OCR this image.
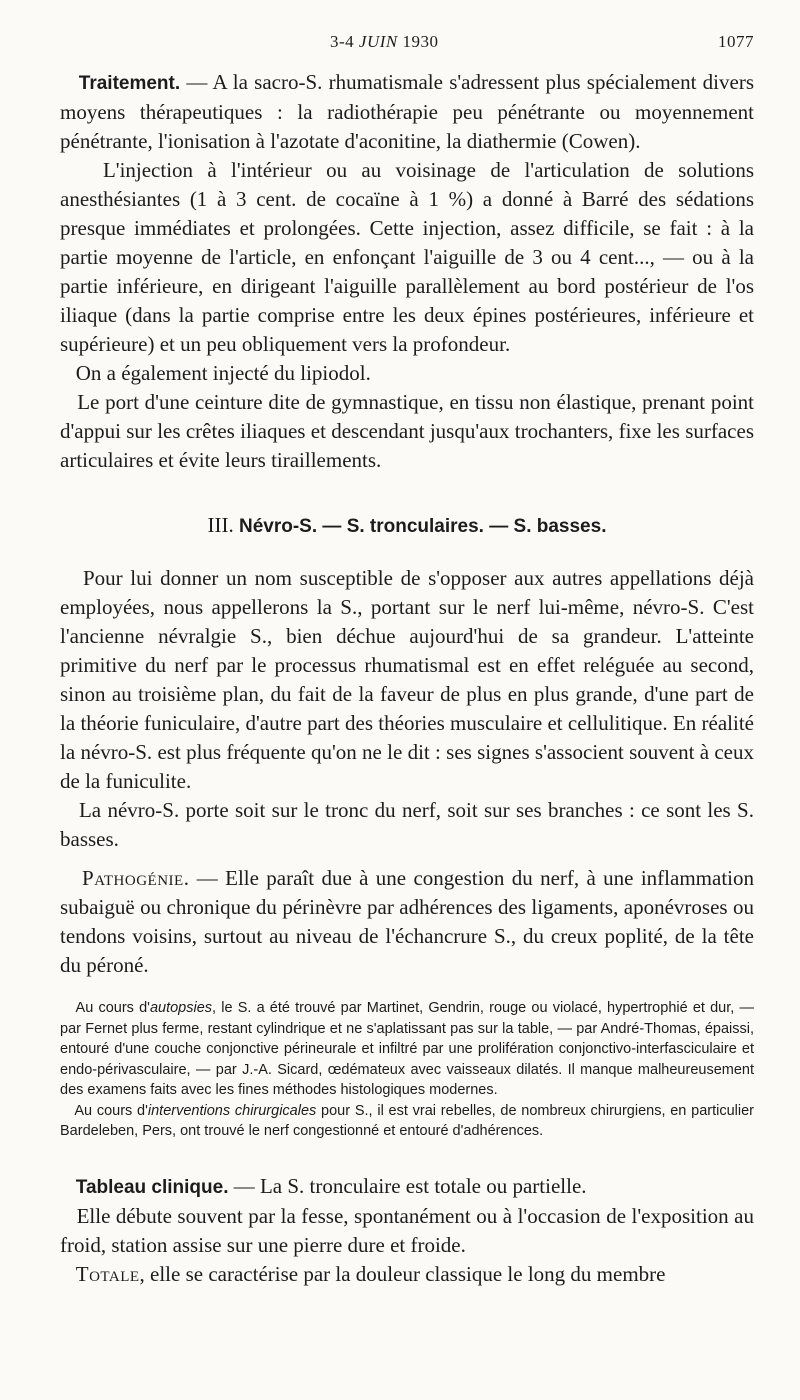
3-4 JUIN 1930	1077

Traitement. — A la sacro-S. rhumatismale s'adressent plus spécialement divers moyens thérapeutiques : la radiothérapie peu pénétrante ou moyennement pénétrante, l'ionisation à l'azotate d'aconitine, la diathermie (Cowen).

L'injection à l'intérieur ou au voisinage de l'articulation de solutions anesthésiantes (1 à 3 cent. de cocaïne à 1 %) a donné à Barré des sédations presque immédiates et prolongées. Cette injection, assez difficile, se fait : à la partie moyenne de l'article, en enfonçant l'aiguille de 3 ou 4 cent..., — ou à la partie inférieure, en dirigeant l'aiguille parallèlement au bord postérieur de l'os iliaque (dans la partie comprise entre les deux épines postérieures, inférieure et supérieure) et un peu obliquement vers la profondeur.

On a également injecté du lipiodol.

Le port d'une ceinture dite de gymnastique, en tissu non élastique, prenant point d'appui sur les crêtes iliaques et descendant jusqu'aux trochanters, fixe les surfaces articulaires et évite leurs tiraillements.

III. Névro-S. — S. tronculaires. — S. basses.

Pour lui donner un nom susceptible de s'opposer aux autres appellations déjà employées, nous appellerons la S., portant sur le nerf lui-même, névro-S. C'est l'ancienne névralgie S., bien déchue aujourd'hui de sa grandeur. L'atteinte primitive du nerf par le processus rhumatismal est en effet reléguée au second, sinon au troisième plan, du fait de la faveur de plus en plus grande, d'une part de la théorie funiculaire, d'autre part des théories musculaire et cellulitique. En réalité la névro-S. est plus fréquente qu'on ne le dit : ses signes s'associent souvent à ceux de la funiculite.

La névro-S. porte soit sur le tronc du nerf, soit sur ses branches : ce sont les S. basses.

Pathogénie. — Elle paraît due à une congestion du nerf, à une inflammation subaiguë ou chronique du périnèvre par adhérences des ligaments, aponévroses ou tendons voisins, surtout au niveau de l'échancrure S., du creux poplité, de la tête du péroné.

Au cours d'autopsies, le S. a été trouvé par Martinet, Gendrin, rouge ou violacé, hypertrophié et dur, — par Fernet plus ferme, restant cylindrique et ne s'aplatissant pas sur la table, — par André-Thomas, épaissi, entouré d'une couche conjonctive périneurale et infiltré par une prolifération conjonctivo-interfasciculaire et endo-périvasculaire, — par J.-A. Sicard, œdémateux avec vaisseaux dilatés. Il manque malheureusement des examens faits avec les fines méthodes histologiques modernes.

Au cours d'interventions chirurgicales pour S., il est vrai rebelles, de nombreux chirurgiens, en particulier Bardeleben, Pers, ont trouvé le nerf congestionné et entouré d'adhérences.

Tableau clinique. — La S. tronculaire est totale ou partielle.

Elle débute souvent par la fesse, spontanément ou à l'occasion de l'exposition au froid, station assise sur une pierre dure et froide.

Totale, elle se caractérise par la douleur classique le long du membre
